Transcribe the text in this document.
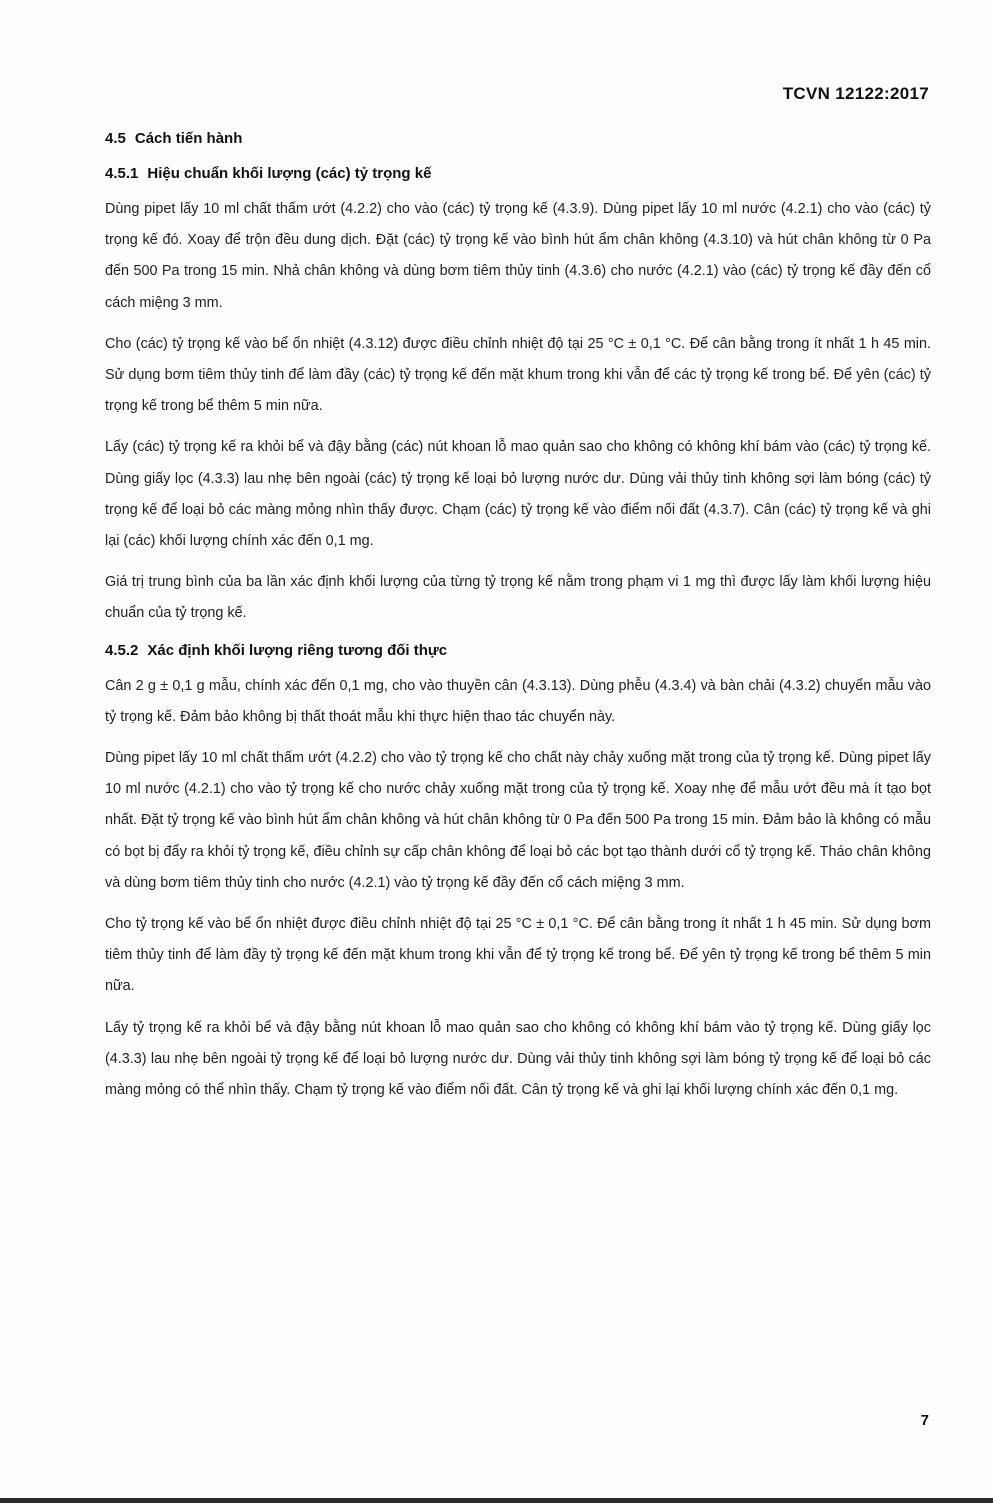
TCVN 12122:2017
4.5 Cách tiến hành
4.5.1 Hiệu chuẩn khối lượng (các) tỷ trọng kế

Dùng pipet lấy 10 ml chất thấm ướt (4.2.2) cho vào (các) tỷ trọng kế (4.3.9). Dùng pipet lấy 10 ml nước (4.2.1) cho vào (các) tỷ trọng kế đó. Xoay để trộn đều dung dịch. Đặt (các) tỷ trọng kế vào bình hút ẩm chân không (4.3.10) và hút chân không từ 0 Pa đến 500 Pa trong 15 min. Nhả chân không và dùng bơm tiêm thủy tinh (4.3.6) cho nước (4.2.1) vào (các) tỷ trọng kế đầy đến cổ cách miệng 3 mm.

Cho (các) tỷ trọng kế vào bể ổn nhiệt (4.3.12) được điều chỉnh nhiệt độ tại 25 °C ± 0,1 °C. Để cân bằng trong ít nhất 1 h 45 min. Sử dụng bơm tiêm thủy tinh để làm đầy (các) tỷ trọng kế đến mặt khum trong khi vẫn để các tỷ trọng kế trong bể. Để yên (các) tỷ trọng kế trong bể thêm 5 min nữa.

Lấy (các) tỷ trọng kế ra khỏi bể và đậy bằng (các) nút khoan lỗ mao quản sao cho không có không khí bám vào (các) tỷ trọng kế. Dùng giấy lọc (4.3.3) lau nhẹ bên ngoài (các) tỷ trọng kế loại bỏ lượng nước dư. Dùng vải thủy tinh không sợi làm bóng (các) tỷ trọng kế để loại bỏ các màng mỏng nhìn thấy được. Chạm (các) tỷ trọng kế vào điểm nối đất (4.3.7). Cân (các) tỷ trọng kế và ghi lại (các) khối lượng chính xác đến 0,1 mg.

Giá trị trung bình của ba lần xác định khối lượng của từng tỷ trọng kế nằm trong phạm vi 1 mg thì được lấy làm khối lượng hiệu chuẩn của tỷ trọng kế.

4.5.2 Xác định khối lượng riêng tương đối thực

Cân 2 g ± 0,1 g mẫu, chính xác đến 0,1 mg, cho vào thuyền cân (4.3.13). Dùng phễu (4.3.4) và bàn chải (4.3.2) chuyển mẫu vào tỷ trọng kế. Đảm bảo không bị thất thoát mẫu khi thực hiện thao tác chuyển này.

Dùng pipet lấy 10 ml chất thấm ướt (4.2.2) cho vào tỷ trọng kế cho chất này chảy xuống mặt trong của tỷ trọng kế. Dùng pipet lấy 10 ml nước (4.2.1) cho vào tỷ trọng kế cho nước chảy xuống mặt trong của tỷ trọng kế. Xoay nhẹ để mẫu ướt đều mà ít tạo bọt nhất. Đặt tỷ trọng kế vào bình hút ẩm chân không và hút chân không từ 0 Pa đến 500 Pa trong 15 min. Đảm bảo là không có mẫu có bọt bị đẩy ra khỏi tỷ trọng kế, điều chỉnh sự cấp chân không để loại bỏ các bọt tạo thành dưới cổ tỷ trọng kế. Tháo chân không và dùng bơm tiêm thủy tinh cho nước (4.2.1) vào tỷ trọng kế đầy đến cổ cách miệng 3 mm.

Cho tỷ trọng kế vào bể ổn nhiệt được điều chỉnh nhiệt độ tại 25 °C ± 0,1 °C. Để cân bằng trong ít nhất 1 h 45 min. Sử dụng bơm tiêm thủy tinh để làm đầy tỷ trọng kế đến mặt khum trong khi vẫn để tỷ trọng kế trong bể. Để yên tỷ trọng kế trong bể thêm 5 min nữa.

Lấy tỷ trọng kế ra khỏi bể và đậy bằng nút khoan lỗ mao quản sao cho không có không khí bám vào tỷ trọng kế. Dùng giấy lọc (4.3.3) lau nhẹ bên ngoài tỷ trọng kế để loại bỏ lượng nước dư. Dùng vải thủy tinh không sợi làm bóng tỷ trọng kế để loại bỏ các màng mỏng có thể nhìn thấy. Chạm tỷ trọng kế vào điểm nối đất. Cân tỷ trọng kế và ghi lại khối lượng chính xác đến 0,1 mg.

7
